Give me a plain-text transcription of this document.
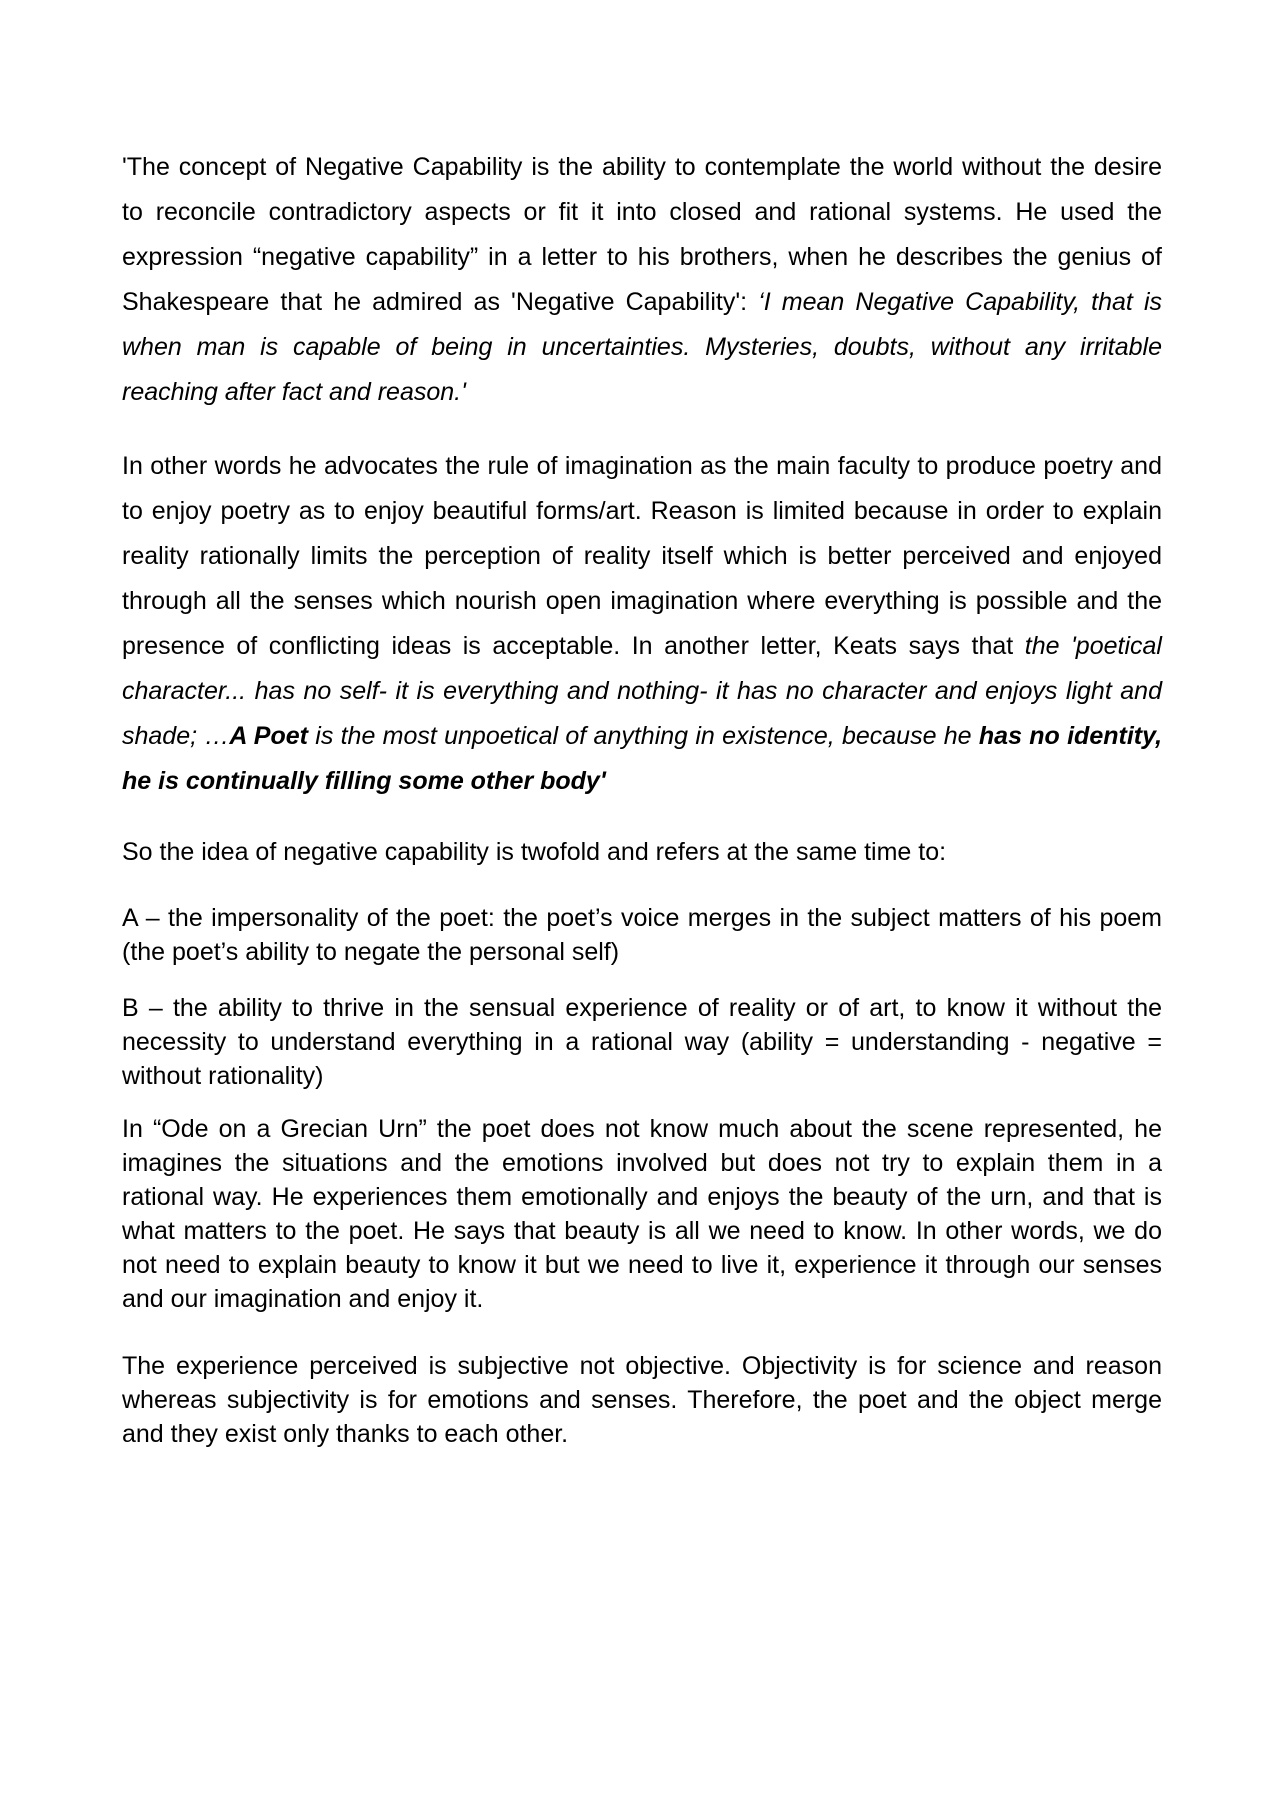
'The concept of Negative Capability is the ability to contemplate the world without the desire to reconcile contradictory aspects or fit it into closed and rational systems. He used the expression “negative capability” in a letter to his brothers, when he describes the genius of Shakespeare that he admired as 'Negative Capability': ‘I mean Negative Capability, that is when man is capable of being in uncertainties. Mysteries, doubts, without any irritable reaching after fact and reason.'

In other words he advocates the rule of imagination as the main faculty to produce poetry and to enjoy poetry as to enjoy beautiful forms/art. Reason is limited because in order to explain reality rationally limits the perception of reality itself which is better perceived and enjoyed through all the senses which nourish open imagination where everything is possible and the presence of conflicting ideas is acceptable. In another letter, Keats says that the 'poetical character... has no self- it is everything and nothing- it has no character and enjoys light and shade; …A Poet is the most unpoetical of anything in existence, because he has no identity, he is continually filling some other body'

So the idea of negative capability is twofold and refers at the same time to:

A – the impersonality of the poet: the poet’s voice merges in the subject matters of his poem (the poet’s ability to negate the personal self)

B – the ability to thrive in the sensual experience of reality or of art, to know it without the necessity to understand everything in a rational way (ability = understanding - negative = without rationality)

In “Ode on a Grecian Urn” the poet does not know much about the scene represented, he imagines the situations and the emotions involved but does not try to explain them in a rational way. He experiences them emotionally and enjoys the beauty of the urn, and that is what matters to the poet. He says that beauty is all we need to know. In other words, we do not need to explain beauty to know it but we need to live it, experience it through our senses and our imagination and enjoy it.

The experience perceived is subjective not objective. Objectivity is for science and reason whereas subjectivity is for emotions and senses. Therefore, the poet and the object merge and they exist only thanks to each other.
